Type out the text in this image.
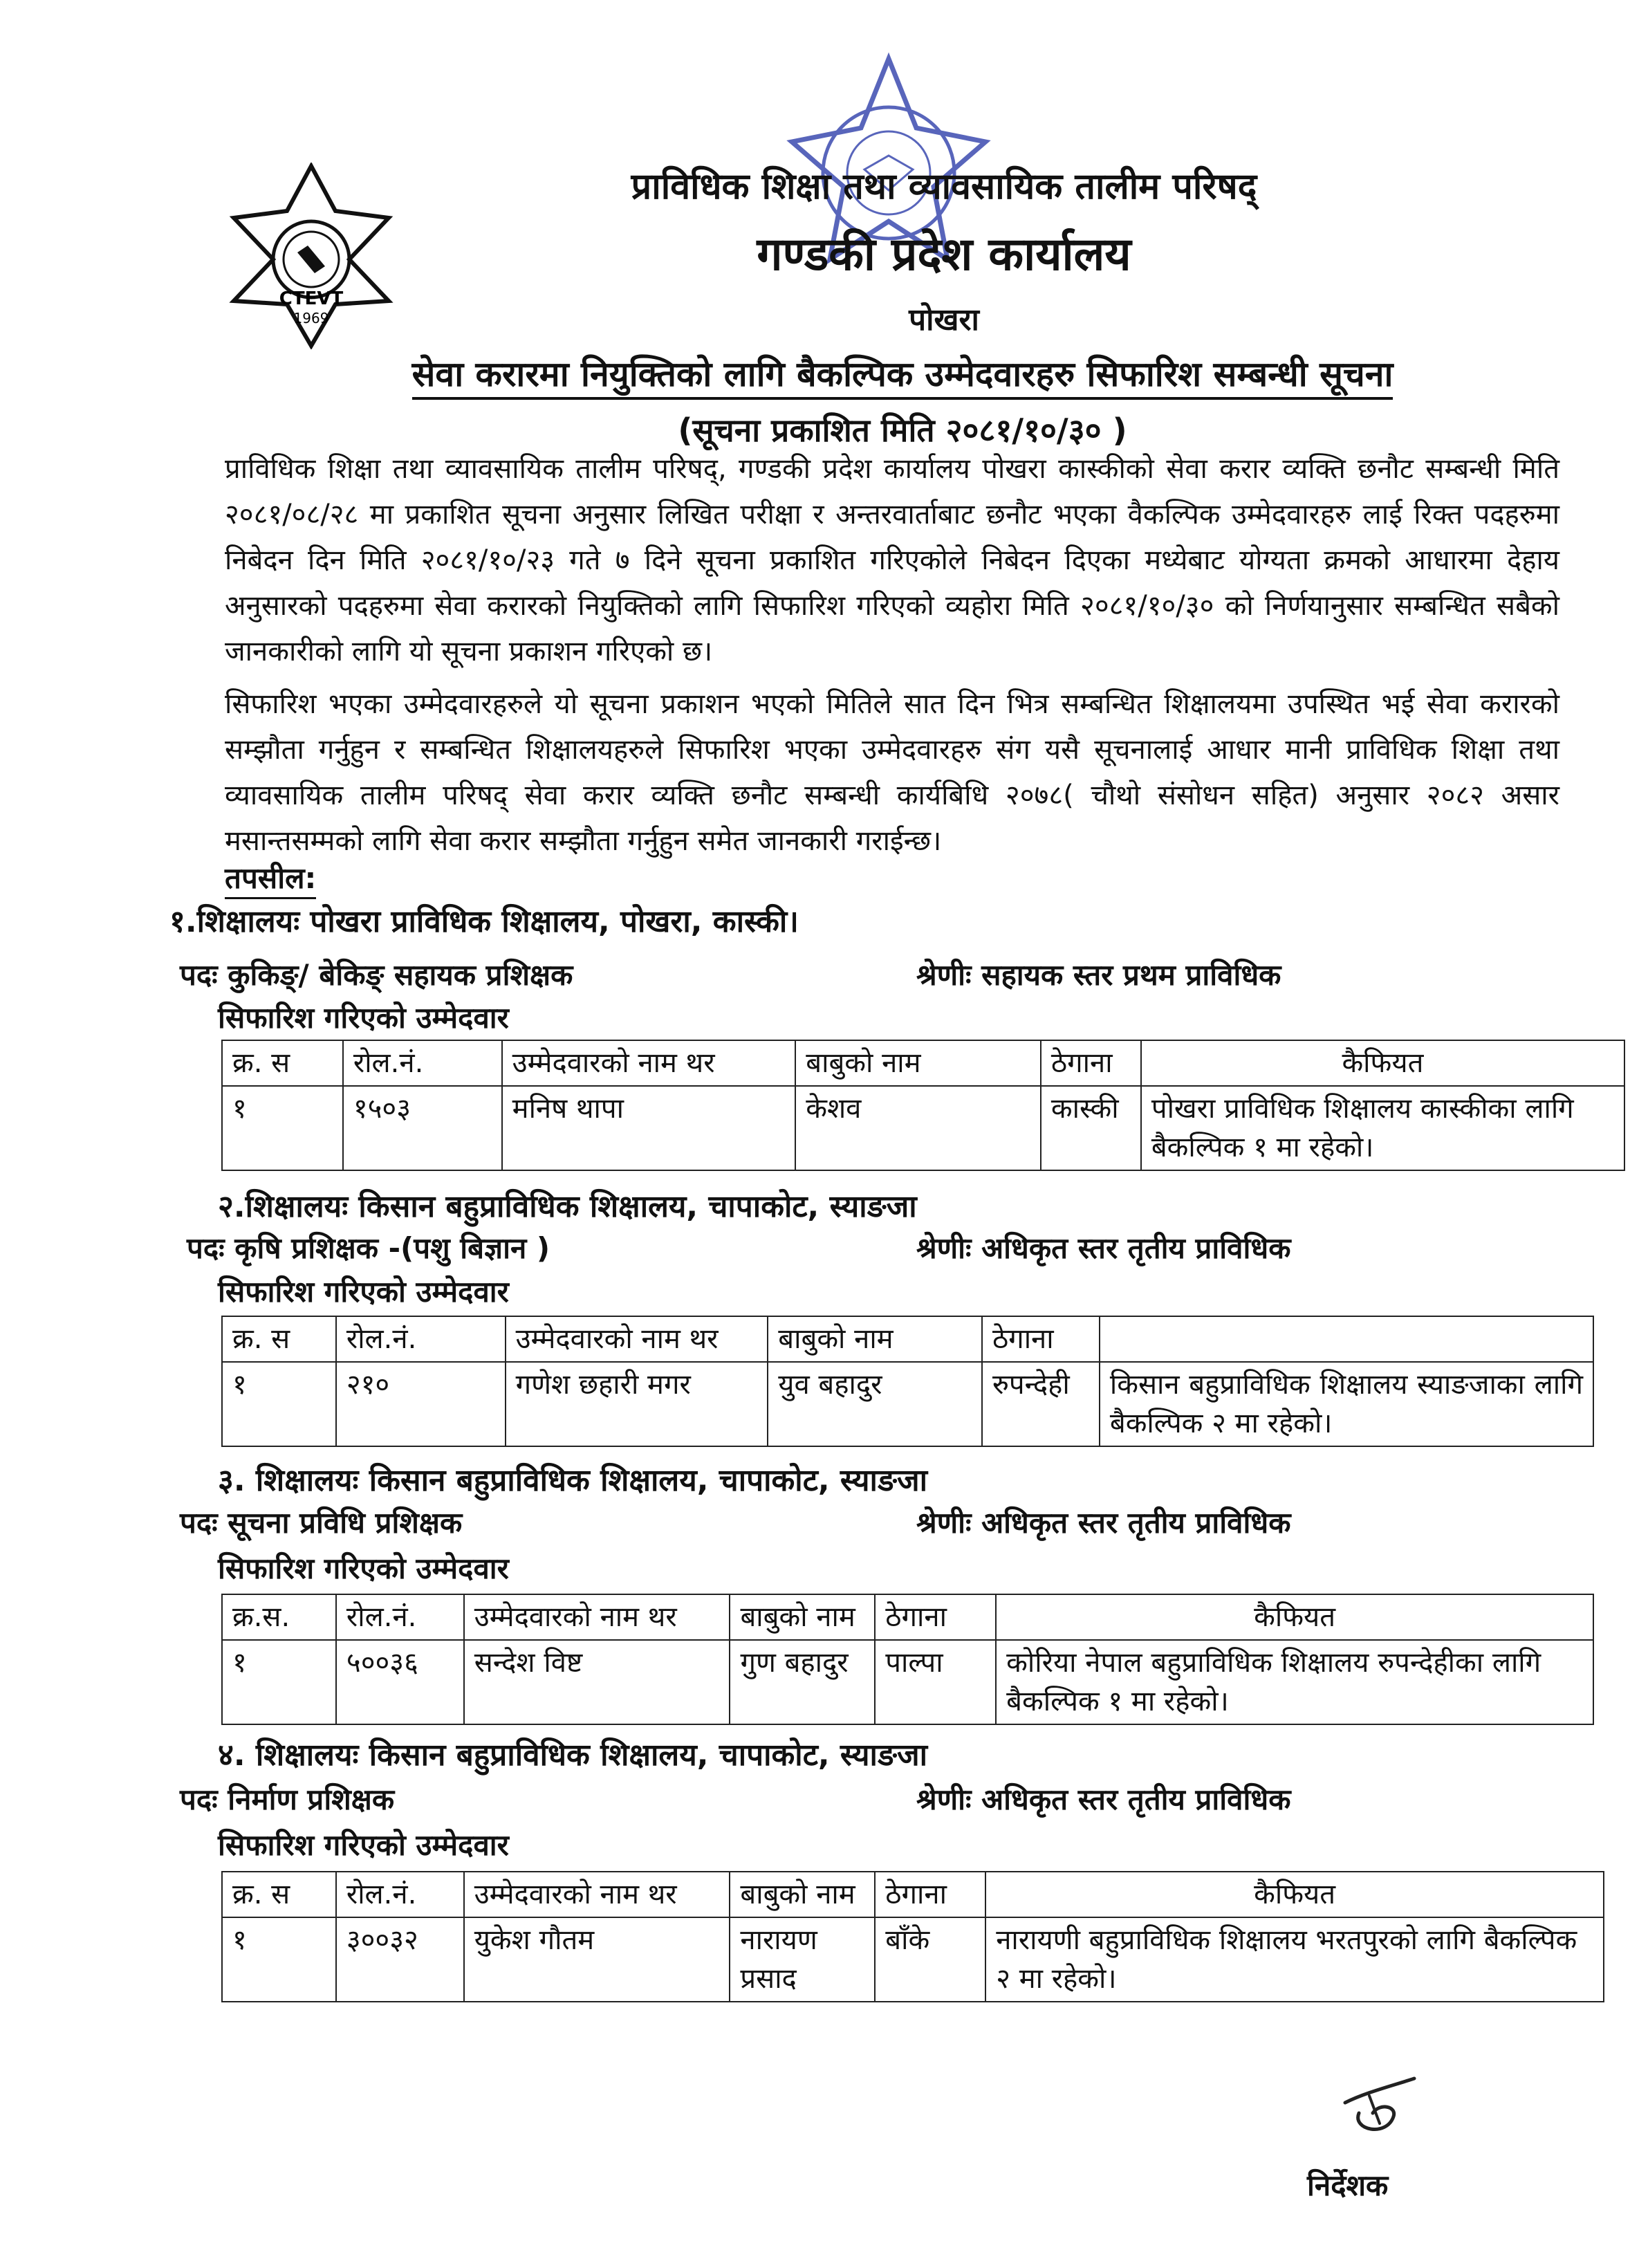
CTEVT
1969
प्राविधिक शिक्षा तथा व्यावसायिक तालीम परिषद्
गण्डकी प्रदेश कार्यालय
पोखरा
सेवा करारमा नियुक्तिको लागि बैकल्पिक उम्मेदवारहरु सिफारिश सम्बन्धी सूचना
(सूचना प्रकाशित मिति २०८१/१०/३० )
प्राविधिक शिक्षा तथा व्यावसायिक तालीम परिषद्, गण्डकी प्रदेश कार्यालय पोखरा कास्कीको सेवा करार व्यक्ति छनौट सम्बन्धी मिति २०८१/०८/२८ मा प्रकाशित सूचना अनुसार लिखित परीक्षा र अन्तरवार्ताबाट छनौट भएका वैकल्पिक उम्मेदवारहरु लाई रिक्त पदहरुमा निबेदन दिन मिति २०८१/१०/२३ गते ७ दिने सूचना प्रकाशित गरिएकोले निबेदन दिएका मध्येबाट योग्यता क्रमको आधारमा देहाय अनुसारको पदहरुमा सेवा करारको नियुक्तिको लागि सिफारिश गरिएको व्यहोरा मिति २०८१/१०/३० को निर्णयानुसार सम्बन्धित सबैको जानकारीको लागि यो सूचना प्रकाशन गरिएको छ।
सिफारिश भएका उम्मेदवारहरुले यो सूचना प्रकाशन भएको मितिले सात दिन भित्र सम्बन्धित शिक्षालयमा उपस्थित भई सेवा करारको सम्झौता गर्नुहुन र सम्बन्धित शिक्षालयहरुले सिफारिश भएका उम्मेदवारहरु संग यसै सूचनालाई आधार मानी प्राविधिक शिक्षा तथा व्यावसायिक तालीम परिषद् सेवा करार व्यक्ति छनौट सम्बन्धी कार्यबिधि २०७८( चौथो संसोधन सहित) अनुसार २०८२ असार मसान्तसम्मको लागि सेवा करार सम्झौता गर्नुहुन समेत जानकारी गराईन्छ।
तपसील:
१.शिक्षालयः पोखरा प्राविधिक शिक्षालय, पोखरा, कास्की।
पदः कुकिङ्/ बेकिङ् सहायक प्रशिक्षक	श्रेणीः सहायक स्तर प्रथम प्राविधिक
सिफारिश गरिएको उम्मेदवार
क्र. स	रोल.नं.	उम्मेदवारको नाम थर	बाबुको नाम	ठेगाना	कैफियत
१	१५०३	मनिष थापा	केशव	कास्की	पोखरा प्राविधिक शिक्षालय कास्कीका लागि बैकल्पिक १ मा रहेको।
२.शिक्षालयः किसान बहुप्राविधिक शिक्षालय, चापाकोट, स्याङजा
पदः कृषि प्रशिक्षक -(पशु बिज्ञान )	श्रेणीः अधिकृत स्तर तृतीय प्राविधिक
सिफारिश गरिएको उम्मेदवार
क्र. स	रोल.नं.	उम्मेदवारको नाम थर	बाबुको नाम	ठेगाना	
१	२१०	गणेश छहारी मगर	युव बहादुर	रुपन्देही	किसान बहुप्राविधिक शिक्षालय स्याङजाका लागि बैकल्पिक २ मा रहेको।
३. शिक्षालयः किसान बहुप्राविधिक शिक्षालय, चापाकोट, स्याङजा
पदः सूचना प्रविधि प्रशिक्षक	श्रेणीः अधिकृत स्तर तृतीय प्राविधिक
सिफारिश गरिएको उम्मेदवार
क्र.स.	रोल.नं.	उम्मेदवारको नाम थर	बाबुको नाम	ठेगाना	कैफियत
१	५००३६	सन्देश विष्ट	गुण बहादुर	पाल्पा	कोरिया नेपाल बहुप्राविधिक शिक्षालय रुपन्देहीका लागि बैकल्पिक १ मा रहेको।
४. शिक्षालयः किसान बहुप्राविधिक शिक्षालय, चापाकोट, स्याङजा
पदः निर्माण प्रशिक्षक	श्रेणीः अधिकृत स्तर तृतीय प्राविधिक
सिफारिश गरिएको उम्मेदवार
क्र. स	रोल.नं.	उम्मेदवारको नाम थर	बाबुको नाम	ठेगाना	कैफियत
१	३००३२	युकेश गौतम	नारायण प्रसाद	बाँके	नारायणी बहुप्राविधिक शिक्षालय भरतपुरको लागि बैकल्पिक २ मा रहेको।
निर्देशक
